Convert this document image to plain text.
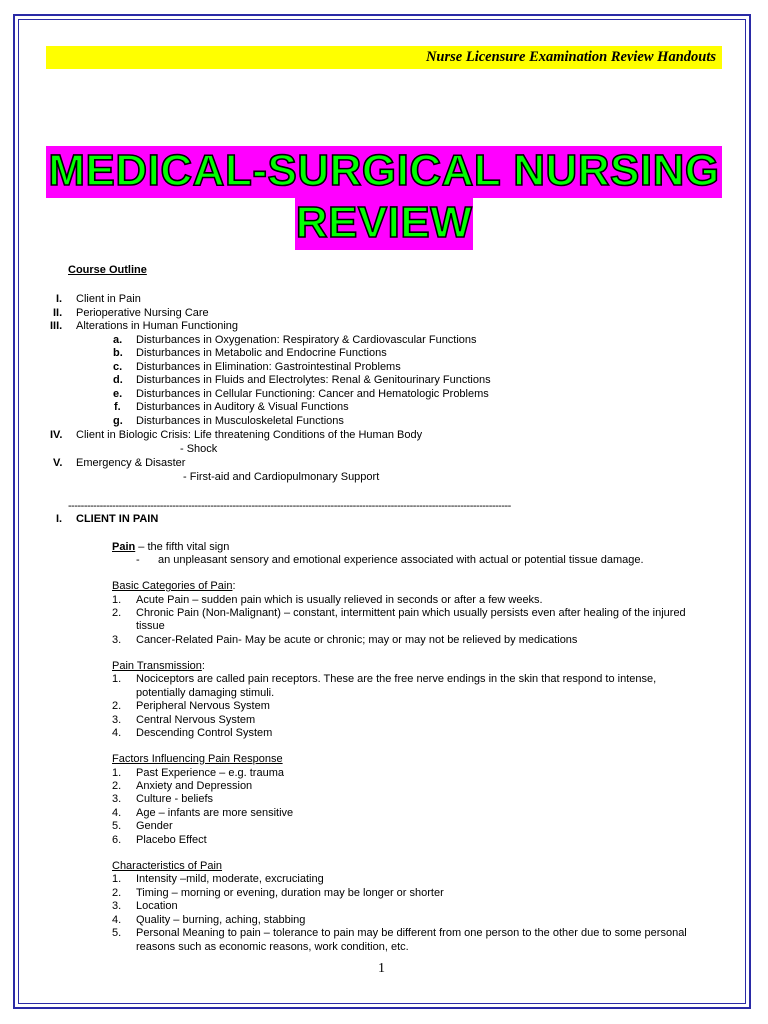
Nurse Licensure Examination Review Handouts
MEDICAL-SURGICAL NURSING
REVIEW
Course Outline
I. Client in Pain
II. Perioperative Nursing Care
III. Alterations in Human Functioning
a. Disturbances in Oxygenation: Respiratory & Cardiovascular Functions
b. Disturbances in Metabolic and Endocrine Functions
c. Disturbances in Elimination: Gastrointestinal Problems
d. Disturbances in Fluids and Electrolytes: Renal & Genitourinary Functions
e. Disturbances in Cellular Functioning: Cancer and Hematologic Problems
f. Disturbances in Auditory & Visual Functions
g. Disturbances in Musculoskeletal Functions
IV. Client in Biologic Crisis: Life threatening Conditions of the Human Body
- Shock
V. Emergency & Disaster
- First-aid and Cardiopulmonary Support
--------------------------------------------------------------------------------------------------------------------------------------------
I. CLIENT IN PAIN
Pain – the fifth vital sign
- an unpleasant sensory and emotional experience associated with actual or potential tissue damage.
Basic Categories of Pain:
1. Acute Pain – sudden pain which is usually relieved in seconds or after a few weeks.
2. Chronic Pain (Non-Malignant) – constant, intermittent pain which usually persists even after healing of the injured
tissue
3. Cancer-Related Pain- May be acute or chronic; may or may not be relieved by medications
Pain Transmission:
1. Nociceptors are called pain receptors. These are the free nerve endings in the skin that respond to intense,
potentially damaging stimuli.
2. Peripheral Nervous System
3. Central Nervous System
4. Descending Control System
Factors Influencing Pain Response
1. Past Experience – e.g. trauma
2. Anxiety and Depression
3. Culture - beliefs
4. Age – infants are more sensitive
5. Gender
6. Placebo Effect
Characteristics of Pain
1. Intensity –mild, moderate, excruciating
2. Timing – morning or evening, duration may be longer or shorter
3. Location
4. Quality – burning, aching, stabbing
5. Personal Meaning to pain – tolerance to pain may be different from one person to the other due to some personal
reasons such as economic reasons, work condition, etc.
1
